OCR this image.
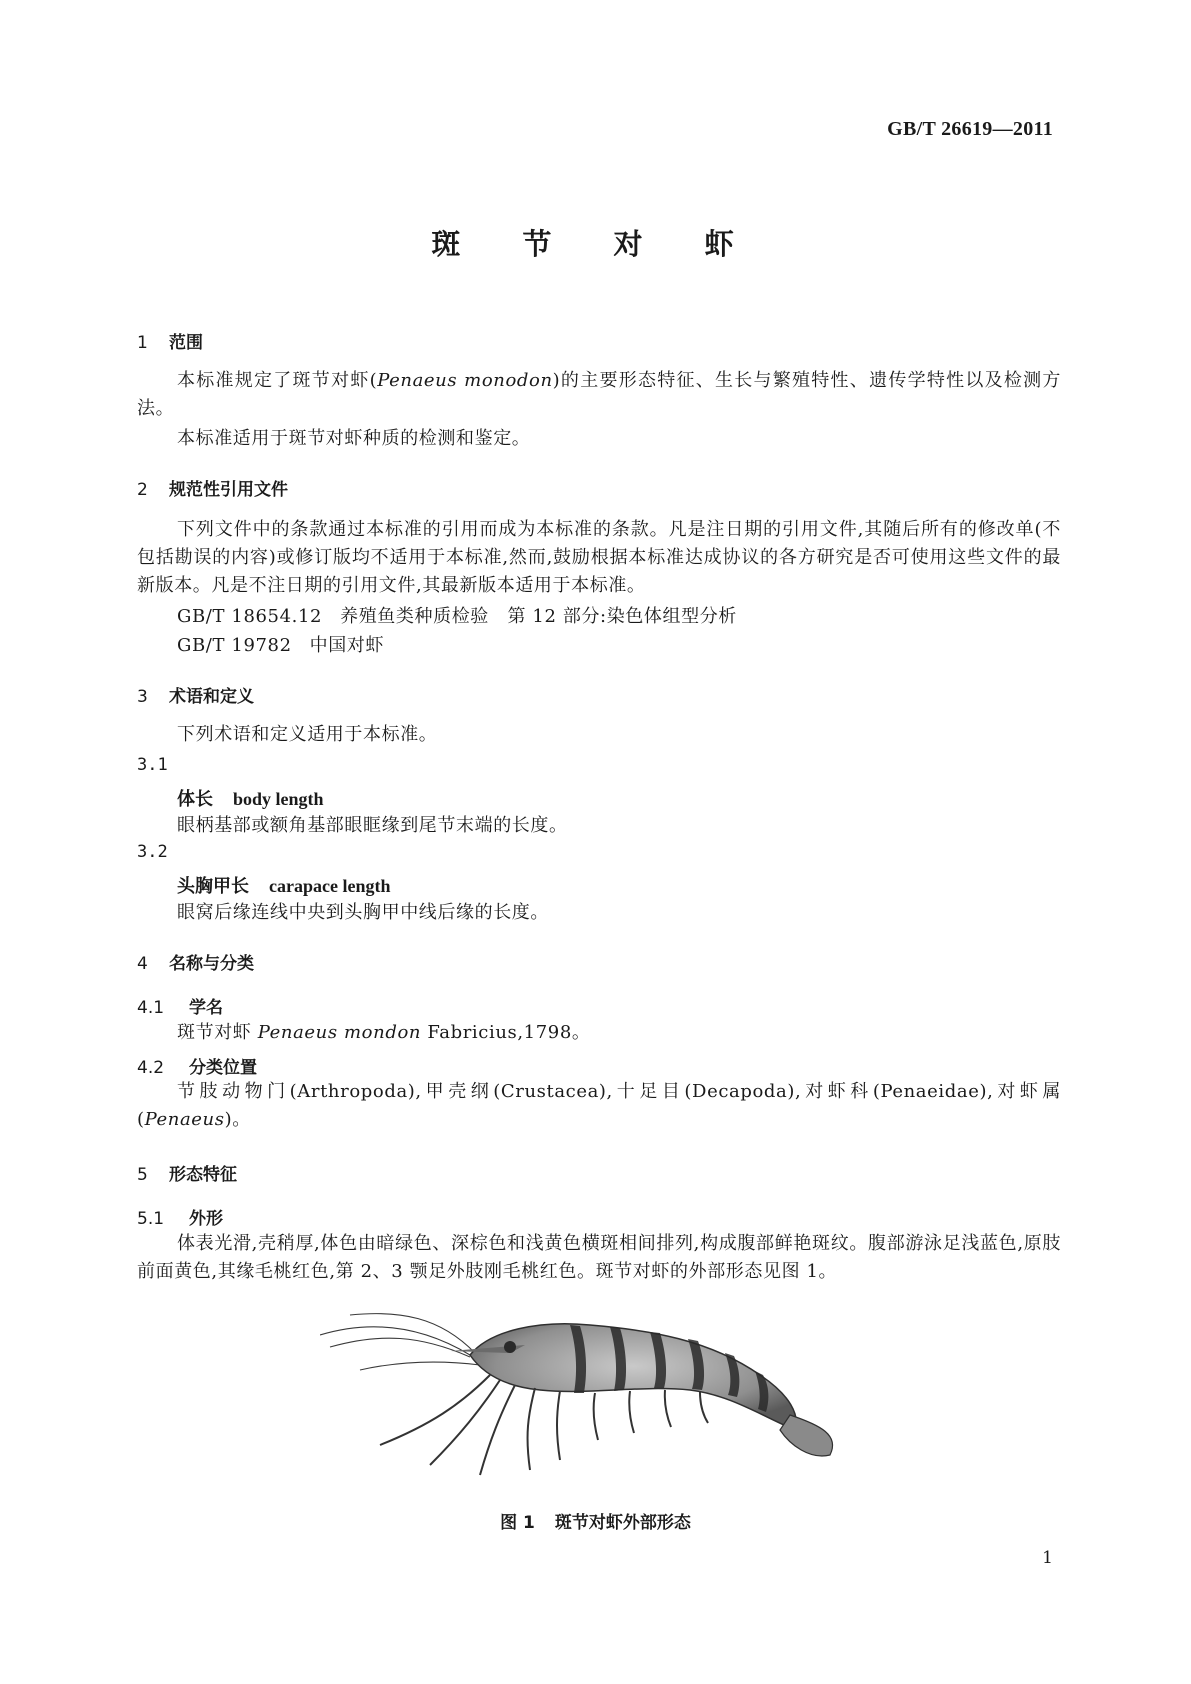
GB/T 26619—2011
斑 节 对 虾
1 范围
本标准规定了斑节对虾(Penaeus monodon)的主要形态特征、生长与繁殖特性、遗传学特性以及检测方法。
本标准适用于斑节对虾种质的检测和鉴定。
2 规范性引用文件
下列文件中的条款通过本标准的引用而成为本标准的条款。凡是注日期的引用文件,其随后所有的修改单(不包括勘误的内容)或修订版均不适用于本标准,然而,鼓励根据本标准达成协议的各方研究是否可使用这些文件的最新版本。凡是不注日期的引用文件,其最新版本适用于本标准。
GB/T 18654.12 养殖鱼类种质检验　第 12 部分:染色体组型分析
GB/T 19782 中国对虾
3 术语和定义
下列术语和定义适用于本标准。
3.1
体长 body length
眼柄基部或额角基部眼眶缘到尾节末端的长度。
3.2
头胸甲长 carapace length
眼窝后缘连线中央到头胸甲中线后缘的长度。
4 名称与分类
4.1 学名
斑节对虾 Penaeus mondon Fabricius,1798。
4.2 分类位置
节肢动物门(Arthropoda),甲壳纲(Crustacea),十足目(Decapoda),对虾科(Penaeidae),对虾属(Penaeus)。
5 形态特征
5.1 外形
体表光滑,壳稍厚,体色由暗绿色、深棕色和浅黄色横斑相间排列,构成腹部鲜艳斑纹。腹部游泳足浅蓝色,原肢前面黄色,其缘毛桃红色,第 2、3 颚足外肢刚毛桃红色。斑节对虾的外部形态见图 1。
图 1 斑节对虾外部形态
1
